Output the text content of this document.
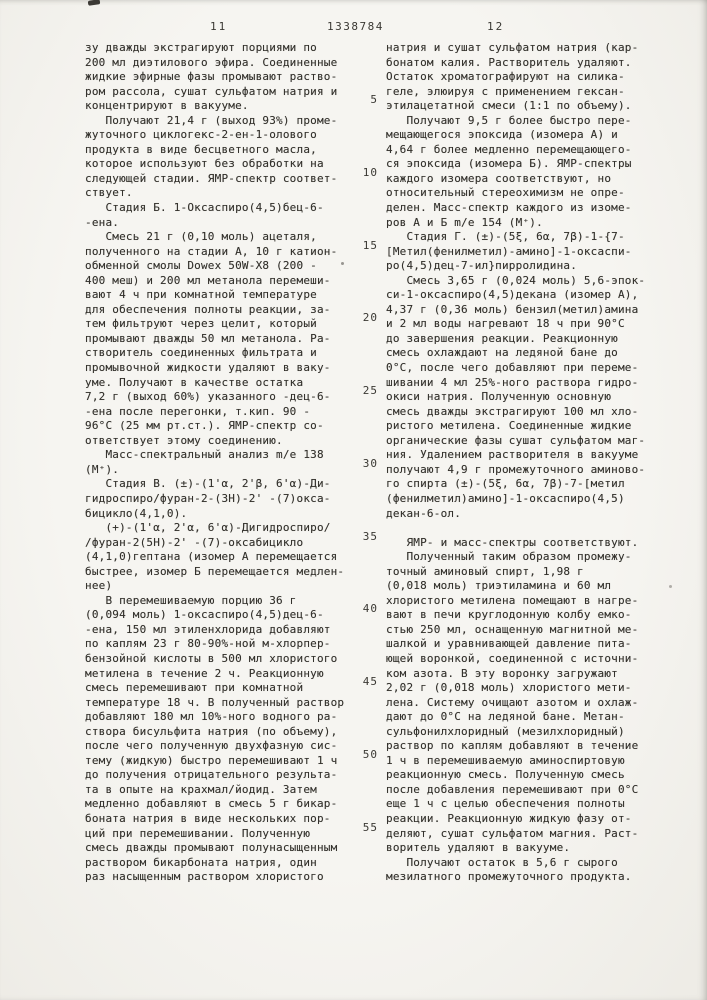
11	1338784	12
зу дважды экстрагируют порциями по
200 мл диэтилового эфира. Соединенные
жидкие эфирные фазы промывают раство-
ром рассола, сушат сульфатом натрия и
концентрируют в вакууме.
Получают 21,4 г (выход 93%) проме-
жуточного циклогекс-2-ен-1-олового
продукта в виде бесцветного масла,
которое используют без обработки на
следующей стадии. ЯМР-спектр соответ-
ствует.
Стадия Б. 1-Оксаспиро(4,5)бец-6-
-ена.
Смесь 21 г (0,10 моль) ацеталя,
полученного на стадии А, 10 г катион-
обменной смолы Dowex 50W-X8 (200 -
400 меш) и 200 мл метанола перемеши-
вают 4 ч при комнатной температуре
для обеспечения полноты реакции, за-
тем фильтруют через целит, который
промывают дважды 50 мл метанола. Ра-
створитель соединенных фильтрата и
промывочной жидкости удаляют в ваку-
уме. Получают в качестве остатка
7,2 г (выход 60%) указанного -дец-6-
-ена после перегонки, т.кип. 90 -
96°С (25 мм рт.ст.). ЯМР-спектр со-
ответствует этому соединению.
Масс-спектральный анализ m/e 138
(M⁺).
Стадия В. (±)-(1'α, 2'β, 6'α)-Ди-
гидроспиро/фуран-2-(3Н)-2' -(7)окса-
бицикло(4,1,0).
(+)-(1'α, 2'α, 6'α)-Дигидроспиро/
/фуран-2(5Н)-2' -(7)-оксабицикло
(4,1,0)гептана (изомер А перемещается
быстрее, изомер Б перемещается медлен-
нее)
В перемешиваемую порцию 36 г
(0,094 моль) 1-оксаспиро(4,5)дец-6-
-ена, 150 мл этиленхлорида добавляют
по каплям 23 г 80-90%-ной м-хлорпер-
бензойной кислоты в 500 мл хлористого
метилена в течение 2 ч. Реакционную
смесь перемешивают при комнатной
температуре 18 ч. В полученный раствор
добавляют 180 мл 10%-ного водного ра-
створа бисульфита натрия (по объему),
после чего полученную двухфазную сис-
тему (жидкую) быстро перемешивают 1 ч
до получения отрицательного результа-
та в опыте на крахмал/йодид. Затем
медленно добавляют в смесь 5 г бикар-
боната натрия в виде нескольких пор-
ций при перемешивании. Полученную
смесь дважды промывают полунасыщенным
раствором бикарбоната натрия, один
раз насыщенным раствором хлористого
5
10
15
20
25
30
35
40
45
50
55
натрия и сушат сульфатом натрия (кар-
бонатом калия. Растворитель удаляют.
Остаток хроматографируют на силика-
геле, элюируя с применением гексан-
этилацетатной смеси (1:1 по объему).
Получают 9,5 г более быстро пере-
мещающегося эпоксида (изомера А) и
4,64 г более медленно перемещающего-
ся эпоксида (изомера Б). ЯМР-спектры
каждого изомера соответствуют, но
относительный стереохимизм не опре-
делен. Масс-спектр каждого из изоме-
ров А и Б m/e 154 (M⁺).
Стадия Г. (±)-(5ξ, 6α, 7β)-1-{7-
[Метил(фенилметил)-амино]-1-оксаспи-
ро(4,5)дец-7-ил}пирролидина.
Смесь 3,65 г (0,024 моль) 5,6-эпок-
си-1-оксаспиро(4,5)декана (изомер А),
4,37 г (0,36 моль) бензил(метил)амина
и 2 мл воды нагревают 18 ч при 90°С
до завершения реакции. Реакционную
смесь охлаждают на ледяной бане до
0°С, после чего добавляют при переме-
шивании 4 мл 25%-ного раствора гидро-
окиси натрия. Полученную основную
смесь дважды экстрагируют 100 мл хло-
ристого метилена. Соединенные жидкие
органические фазы сушат сульфатом маг-
ния. Удалением растворителя в вакууме
получают 4,9 г промежуточного аминово-
го спирта (±)-(5ξ, 6α, 7β)-7-[метил
(фенилметил)амино]-1-оксаспиро(4,5)
декан-6-ол.

ЯМР- и масс-спектры соответствуют.
Полученный таким образом промежу-
точный аминовый спирт, 1,98 г
(0,018 моль) триэтиламина и 60 мл
хлористого метилена помещают в нагре-
вают в печи круглодонную колбу емко-
стью 250 мл, оснащенную магнитной ме-
шалкой и уравнивающей давление пита-
ющей воронкой, соединенной с источни-
ком азота. В эту воронку загружают
2,02 г (0,018 моль) хлористого мети-
лена. Систему очищают азотом и охлаж-
дают до 0°С на ледяной бане. Метан-
сульфонилхлоридный (мезилхлоридный)
раствор по каплям добавляют в течение
1 ч в перемешиваемую аминоспиртовую
реакционную смесь. Полученную смесь
после добавления перемешивают при 0°С
еще 1 ч с целью обеспечения полноты
реакции. Реакционную жидкую фазу от-
деляют, сушат сульфатом магния. Раст-
воритель удаляют в вакууме.
Получают остаток в 5,6 г сырого
мезилатного промежуточного продукта.
